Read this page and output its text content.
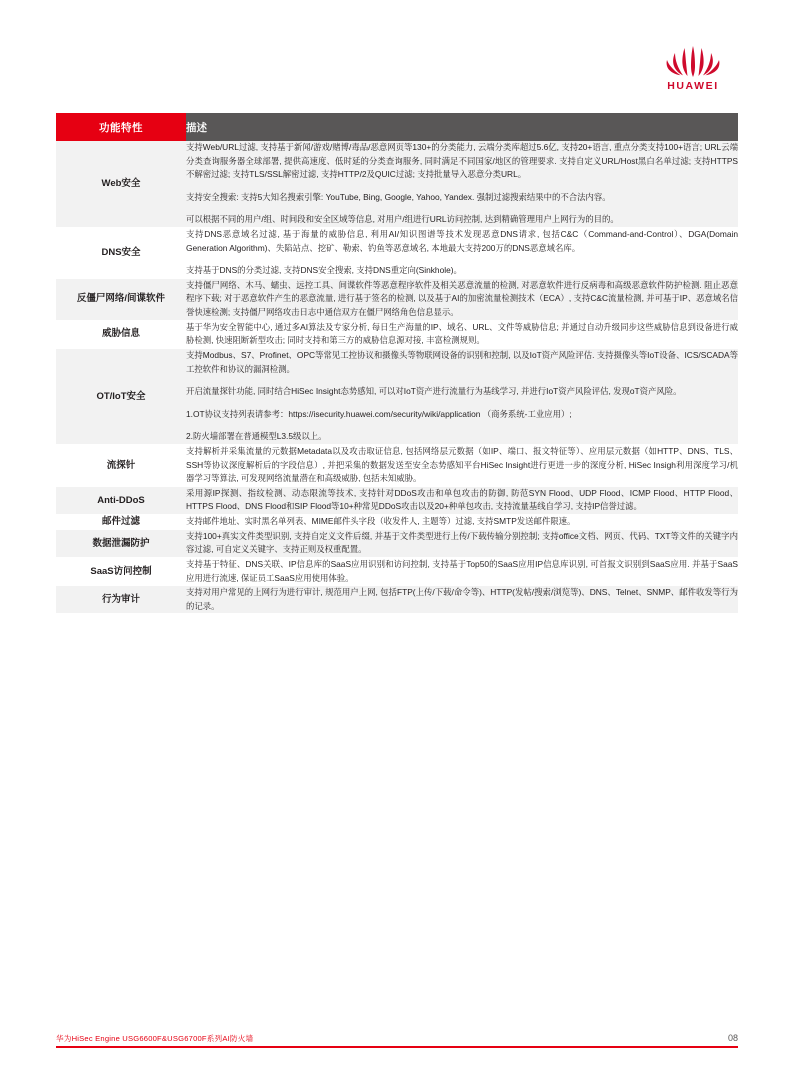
HUAWEI
功能特性	描述
Web安全	支持Web/URL过滤, 支持基于新闻/游戏/赌博/毒品/恶意网页等130+的分类能力, 云端分类库超过5.6亿, 支持20+语言, 重点分类支持100+语言; URL云端分类查询服务器全球部署, 提供高速度、低时延的分类查询服务, 同时满足不同国家/地区的管理要求. 支持自定义URL/Host黑白名单过滤; 支持HTTPS不解密过滤; 支持TLS/SSL解密过滤, 支持HTTP/2及QUIC过滤; 支持批量导入恶意分类URL。

支持安全搜索: 支持5大知名搜索引擎: YouTube, Bing, Google, Yahoo, Yandex. 强制过滤搜索结果中的不合法内容。

可以根据不同的用户/组、时间段和安全区域等信息, 对用户/组进行URL访问控制, 达到精确管理用户上网行为的目的。

DNS安全	支持DNS恶意域名过滤, 基于海量的威胁信息, 利用AI/知识图谱等技术发现恶意DNS请求, 包括C&C（Command-and-Control）、DGA(Domain Generation Algorithm)、失陷站点、挖矿、勒索、钓鱼等恶意域名, 本地最大支持200万的DNS恶意域名库。

支持基于DNS的分类过滤, 支持DNS安全搜索, 支持DNS重定向(Sinkhole)。

反僵尸网络/间谍软件	支持僵尸网络、木马、蠕虫、远控工具、间谍软件等恶意程序软件及相关恶意流量的检测, 对恶意软件进行反病毒和高级恶意软件防护检测. 阻止恶意程序下载; 对于恶意软件产生的恶意流量, 进行基于签名的检测, 以及基于AI的加密流量检测技术（ECA）, 支持C&C流量检测, 并可基于IP、恶意域名信誉快速检测; 支持僵尸网络攻击日志中通信双方在僵尸网络角色信息显示。

威胁信息	基于华为安全智能中心, 通过多AI算法及专家分析, 每日生产海量的IP、域名、URL、文件等威胁信息; 并通过自动升级同步这些威胁信息到设备进行威胁检测, 快速阻断新型攻击; 同时支持和第三方的威胁信息源对接, 丰富检测规则。

OT/IoT安全	支持Modbus、S7、Profinet、OPC等常见工控协议和摄像头等物联网设备的识别和控制, 以及IoT资产风险评估. 支持摄像头等IoT设备、ICS/SCADA等工控软件和协议的漏洞检测。

开启流量探针功能, 同时结合HiSec Insight态势感知, 可以对IoT资产进行流量行为基线学习, 并进行IoT资产风险评估, 发现oT资产风险。

1.OT协议支持列表请参考：https://isecurity.huawei.com/security/wiki/application （商务系统-工业应用）;

2.防火墙部署在普通模型L3.5级以上。

流探针	支持解析并采集流量的元数据Metadata以及攻击取证信息, 包括网络层元数据（如IP、端口、报文特征等）、应用层元数据（如HTTP、DNS、TLS、SSH等协议深度解析后的字段信息）, 并把采集的数据发送至安全态势感知平台HiSec Insight进行更进一步的深度分析, HiSec Insigh利用深度学习/机器学习等算法, 可发现网络流量潜在和高级威胁, 包括未知威胁。

Anti-DDoS	采用源IP探测、指纹检测、动态限流等技术, 支持针对DDoS攻击和单包攻击的防御, 防范SYN Flood、UDP Flood、ICMP Flood、HTTP Flood、HTTPS Flood、DNS Flood和SIP Flood等10+种常见DDoS攻击以及20+种单包攻击, 支持流量基线自学习, 支持IP信誉过滤。

邮件过滤	支持邮件地址、实时黑名单列表、MIME邮件头字段（收发件人, 主题等）过滤, 支持SMTP发送邮件限速。

数据泄漏防护	支持100+真实文件类型识别, 支持自定义文件后缀, 并基于文件类型进行上传/下载传输分别控制; 支持office文档、网页、代码、TXT等文件的关键字内容过滤, 可自定义关键字、支持正则及权重配置。

SaaS访问控制	支持基于特征、DNS关联、IP信息库的SaaS应用识别和访问控制, 支持基于Top50的SaaS应用IP信息库识别, 可首报文识别到SaaS应用. 并基于SaaS应用进行流速, 保证员工SaaS应用使用体验。

行为审计	支持对用户常见的上网行为进行审计, 规范用户上网, 包括FTP(上传/下载/命令等)、HTTP(发帖/搜索/浏览等)、DNS、Telnet、SNMP、邮件收发等行为的记录。

华为HiSec Engine USG6600F&USG6700F系列AI防火墙	08
